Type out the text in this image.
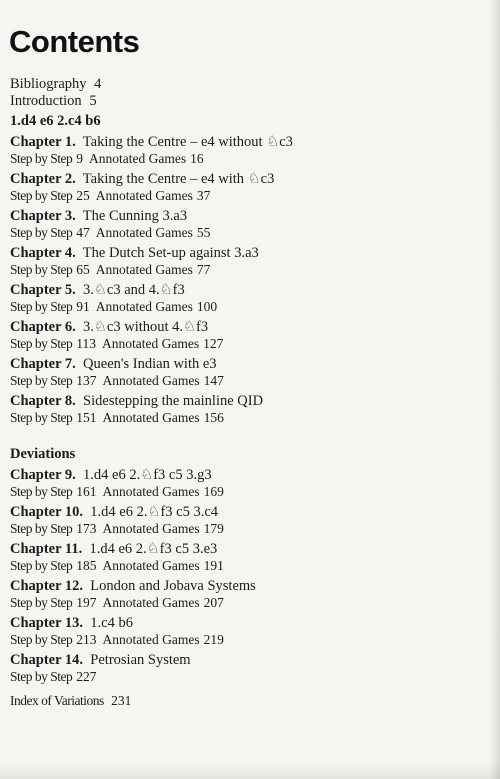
Contents
Bibliography 4
Introduction 5
1.d4 e6 2.c4 b6
Chapter 1. Taking the Centre – e4 without ♘c3
Step by Step 9 Annotated Games 16
Chapter 2. Taking the Centre – e4 with ♘c3
Step by Step 25 Annotated Games 37
Chapter 3. The Cunning 3.a3
Step by Step 47 Annotated Games 55
Chapter 4. The Dutch Set-up against 3.a3
Step by Step 65 Annotated Games 77
Chapter 5. 3.♘c3 and 4.♘f3
Step by Step 91 Annotated Games 100
Chapter 6. 3.♘c3 without 4.♘f3
Step by Step 113 Annotated Games 127
Chapter 7. Queen's Indian with e3
Step by Step 137 Annotated Games 147
Chapter 8. Sidestepping the mainline QID
Step by Step 151 Annotated Games 156
Deviations
Chapter 9. 1.d4 e6 2.♘f3 c5 3.g3
Step by Step 161 Annotated Games 169
Chapter 10. 1.d4 e6 2.♘f3 c5 3.c4
Step by Step 173 Annotated Games 179
Chapter 11. 1.d4 e6 2.♘f3 c5 3.e3
Step by Step 185 Annotated Games 191
Chapter 12. London and Jobava Systems
Step by Step 197 Annotated Games 207
Chapter 13. 1.c4 b6
Step by Step 213 Annotated Games 219
Chapter 14. Petrosian System
Step by Step 227
Index of Variations 231
